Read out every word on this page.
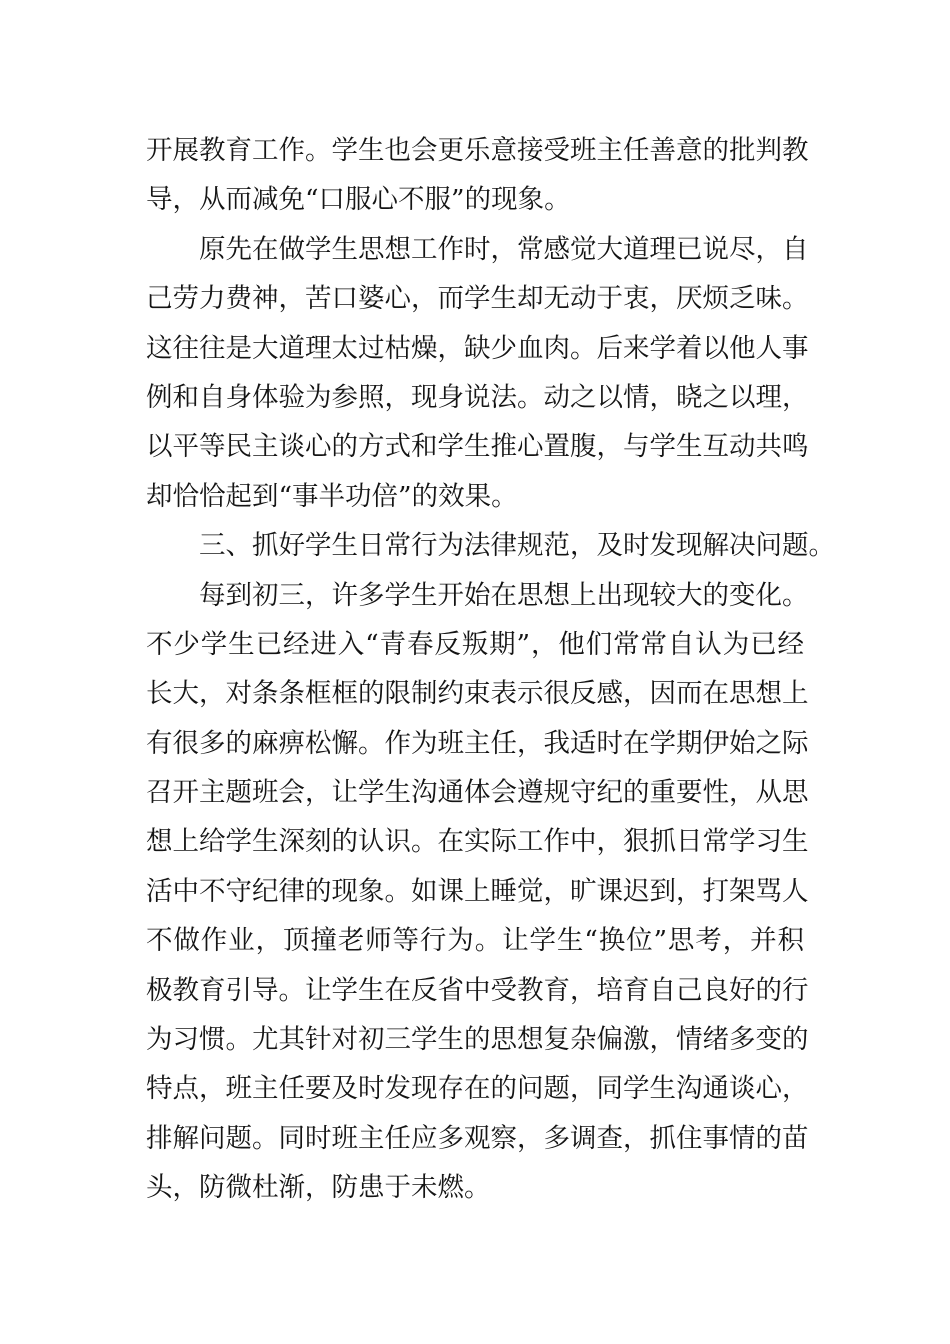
开展教育工作。学生也会更乐意接受班主任善意的批判教
导，从而减免“口服心不服”的现象。
原先在做学生思想工作时，常感觉大道理已说尽，自
己劳力费神，苦口婆心，而学生却无动于衷，厌烦乏味。
这往往是大道理太过枯燥，缺少血肉。后来学着以他人事
例和自身体验为参照，现身说法。动之以情，晓之以理，
以平等民主谈心的方式和学生推心置腹，与学生互动共鸣
却恰恰起到“事半功倍”的效果。
三、抓好学生日常行为法律规范，及时发现解决问题。
每到初三，许多学生开始在思想上出现较大的变化。
不少学生已经进入“青春反叛期”，他们常常自认为已经
长大，对条条框框的限制约束表示很反感，因而在思想上
有很多的麻痹松懈。作为班主任，我适时在学期伊始之际
召开主题班会，让学生沟通体会遵规守纪的重要性，从思
想上给学生深刻的认识。在实际工作中，狠抓日常学习生
活中不守纪律的现象。如课上睡觉，旷课迟到，打架骂人
不做作业，顶撞老师等行为。让学生“换位”思考，并积
极教育引导。让学生在反省中受教育，培育自己良好的行
为习惯。尤其针对初三学生的思想复杂偏激，情绪多变的
特点，班主任要及时发现存在的问题，同学生沟通谈心，
排解问题。同时班主任应多观察，多调查，抓住事情的苗
头，防微杜渐，防患于未燃。
